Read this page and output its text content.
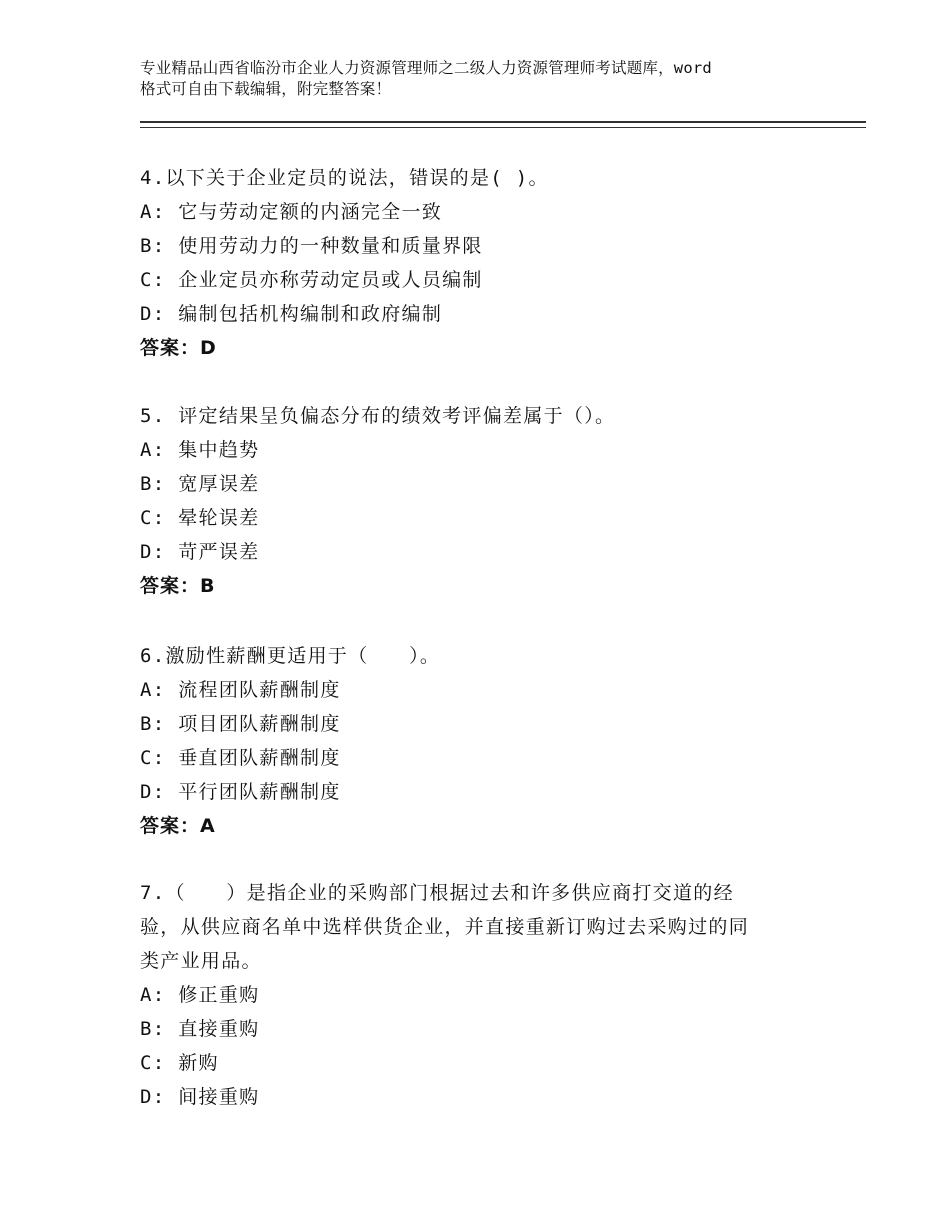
专业精品山西省临汾市企业人力资源管理师之二级人力资源管理师考试题库，word
格式可自由下载编辑，附完整答案！
4.以下关于企业定员的说法，错误的是( )。
A: 它与劳动定额的内涵完全一致
B: 使用劳动力的一种数量和质量界限
C: 企业定员亦称劳动定员或人员编制
D: 编制包括机构编制和政府编制
答案：D
5. 评定结果呈负偏态分布的绩效考评偏差属于（）。
A: 集中趋势
B: 宽厚误差
C: 晕轮误差
D: 苛严误差
答案：B
6.激励性薪酬更适用于（　　）。
A: 流程团队薪酬制度
B: 项目团队薪酬制度
C: 垂直团队薪酬制度
D: 平行团队薪酬制度
答案：A
7.（　　）是指企业的采购部门根据过去和许多供应商打交道的经
验，从供应商名单中选样供货企业，并直接重新订购过去采购过的同
类产业用品。
A: 修正重购
B: 直接重购
C: 新购
D: 间接重购
